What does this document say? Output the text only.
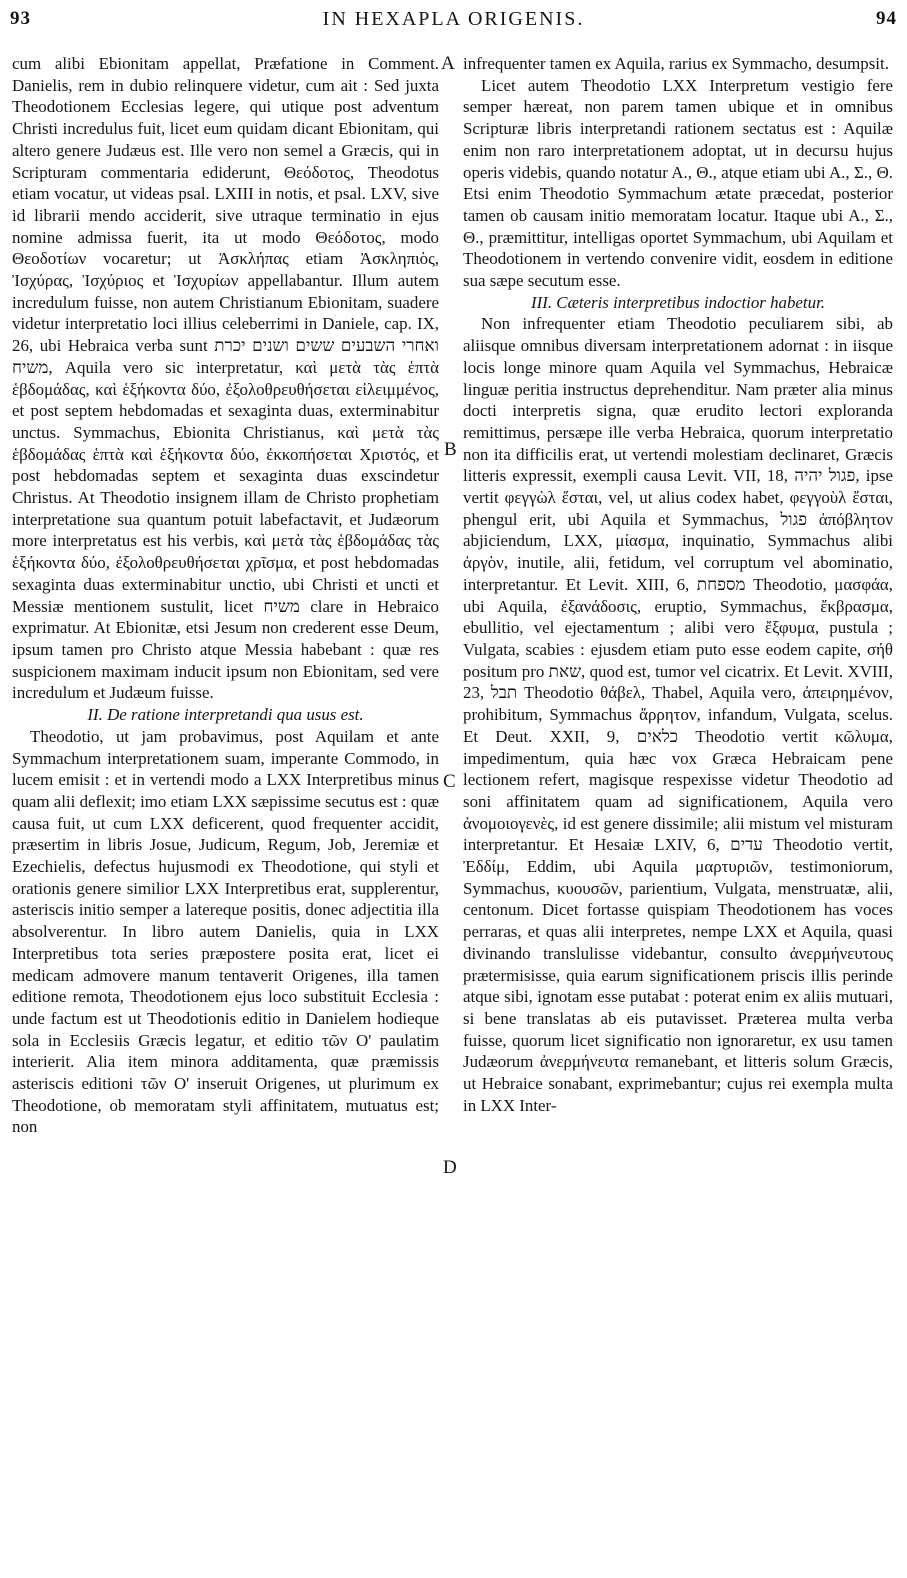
93	IN HEXAPLA ORIGENIS.	94
A
B
C
D

cum alibi Ebionitam appellat, Præfatione in Comment. Danielis, rem in dubio relinquere videtur, cum ait : Sed juxta Theodotionem Ecclesias legere, qui utique post adventum Christi incredulus fuit, licet eum quidam dicant Ebionitam, qui altero genere Judæus est. Ille vero non semel a Græcis, qui in Scripturam commentaria ediderunt, Θεόδοτος, Theodotus etiam vocatur, ut videas psal. LXIII in notis, et psal. LXV, sive id librarii mendo acciderit, sive utraque terminatio in ejus nomine admissa fuerit, ita ut modo Θεόδοτος, modo Θεοδοτίων vocaretur; ut Ἀσκλήπας etiam Ἀσκληπιὸς, Ἰσχύρας, Ἰσχύριος et Ἰσχυρίων appellabantur. Illum autem incredulum fuisse, non autem Christianum Ebionitam, suadere videtur interpretatio loci illius celeberrimi in Daniele, cap. IX, 26, ubi Hebraica verba sunt ואחרי השבעים ששים ושנים יכרת משיח, Aquila vero sic interpretatur, καὶ μετὰ τὰς ἑπτὰ ἑβδομάδας, καὶ ἑξήκοντα δύο, ἐξολοθρευθήσεται εἰλειμμένος, et post septem hebdomadas et sexaginta duas, exterminabitur unctus. Symmachus, Ebionita Christianus, καὶ μετὰ τὰς ἑβδομάδας ἑπτὰ καὶ ἑξήκοντα δύο, ἐκκοπήσεται Χριστός, et post hebdomadas septem et sexaginta duas exscindetur Christus. At Theodotio insignem illam de Christo prophetiam interpretatione sua quantum potuit labefactavit, et Judæorum more interpretatus est his verbis, καὶ μετὰ τὰς ἑβδομάδας τὰς ἑξήκοντα δύο, ἐξολοθρευθήσεται χρῖσμα, et post hebdomadas sexaginta duas exterminabitur unctio, ubi Christi et uncti et Messiæ mentionem sustulit, licet משיח clare in Hebraico exprimatur. At Ebionitæ, etsi Jesum non crederent esse Deum, ipsum tamen pro Christo atque Messia habebant : quæ res suspicionem maximam inducit ipsum non Ebionitam, sed vere incredulum et Judæum fuisse.

II. De ratione interpretandi qua usus est.

Theodotio, ut jam probavimus, post Aquilam et ante Symmachum interpretationem suam, imperante Commodo, in lucem emisit : et in vertendi modo a LXX Interpretibus minus quam alii deflexit; imo etiam LXX sæpissime secutus est : quæ causa fuit, ut cum LXX deficerent, quod frequenter accidit, præsertim in libris Josue, Judicum, Regum, Job, Jeremiæ et Ezechielis, defectus hujusmodi ex Theodotione, qui styli et orationis genere similior LXX Interpretibus erat, supplerentur, asteriscis initio semper a latereque positis, donec adjectitia illa absolverentur. In libro autem Danielis, quia in LXX Interpretibus tota series præpostere posita erat, licet ei medicam admovere manum tentaverit Origenes, illa tamen editione remota, Theodotionem ejus loco substituit Ecclesia : unde factum est ut Theodotionis editio in Danielem hodieque sola in Ecclesiis Græcis legatur, et editio τῶν O' paulatim interierit. Alia item minora additamenta, quæ præmissis asteriscis editioni τῶν O' inseruit Origenes, ut plurimum ex Theodotione, ob memoratam styli affinitatem, mutuatus est; non

infrequenter tamen ex Aquila, rarius ex Symmacho, desumpsit.

Licet autem Theodotio LXX Interpretum vestigio fere semper hæreat, non parem tamen ubique et in omnibus Scripturæ libris interpretandi rationem sectatus est : Aquilæ enim non raro interpretationem adoptat, ut in decursu hujus operis videbis, quando notatur A., Θ., atque etiam ubi A., Σ., Θ. Etsi enim Theodotio Symmachum ætate præcedat, posterior tamen ob causam initio memoratam locatur. Itaque ubi A., Σ., Θ., præmittitur, intelligas oportet Symmachum, ubi Aquilam et Theodotionem in vertendo convenire vidit, eosdem in editione sua sæpe secutum esse.

III. Cæteris interpretibus indoctior habetur.

Non infrequenter etiam Theodotio peculiarem sibi, ab aliisque omnibus diversam interpretationem adornat : in iisque locis longe minore quam Aquila vel Symmachus, Hebraicæ linguæ peritia instructus deprehenditur. Nam præter alia minus docti interpretis signa, quæ erudito lectori exploranda remittimus, persæpe ille verba Hebraica, quorum interpretatio non ita difficilis erat, ut vertendi molestiam declinaret, Græcis litteris expressit, exempli causa Levit. VII, 18, פגול יהיה, ipse vertit φεγγὼλ ἔσται, vel, ut alius codex habet, φεγγοὺλ ἔσται, phengul erit, ubi Aquila et Symmachus, פגול ἀπόβλητον abjiciendum, LXX, μίασμα, inquinatio, Symmachus alibi ἀργὸν, inutile, alii, fetidum, vel corruptum vel abominatio, interpretantur. Et Levit. XIII, 6, מספחת Theodotio, μασφάα, ubi Aquila, ἐξανάδοσις, eruptio, Symmachus, ἔκβρασμα, ebullitio, vel ejectamentum ; alibi vero ἔξφυμα, pustula ; Vulgata, scabies : ejusdem etiam puto esse eodem capite, σήθ positum pro שאת, quod est, tumor vel cicatrix. Et Levit. XVIII, 23, תבל Theodotio θάβελ, Thabel, Aquila vero, ἀπειρημένον, prohibitum, Symmachus ἄρρητον, infandum, Vulgata, scelus. Et Deut. XXII, 9, כלאים Theodotio vertit κῶλυμα, impedimentum, quia hæc vox Græca Hebraicam pene lectionem refert, magisque respexisse videtur Theodotio ad soni affinitatem quam ad significationem, Aquila vero ἀνομοιογενὲς, id est genere dissimile; alii mistum vel misturam interpretantur. Et Hesaiæ LXIV, 6, עדים Theodotio vertit, Ἐδδίμ, Eddim, ubi Aquila μαρτυριῶν, testimoniorum, Symmachus, κυουσῶν, parientium, Vulgata, menstruatæ, alii, centonum. Dicet fortasse quispiam Theodotionem has voces perraras, et quas alii interpretes, nempe LXX et Aquila, quasi divinando translulisse videbantur, consulto ἀνερμήνευτους prætermisisse, quia earum significationem priscis illis perinde atque sibi, ignotam esse putabat : poterat enim ex aliis mutuari, si bene translatas ab eis putavisset. Præterea multa verba fuisse, quorum licet significatio non ignoraretur, ex usu tamen Judæorum ἀνερμήνευτα remanebant, et litteris solum Græcis, ut Hebraice sonabant, exprimebantur; cujus rei exempla multa in LXX Inter-
